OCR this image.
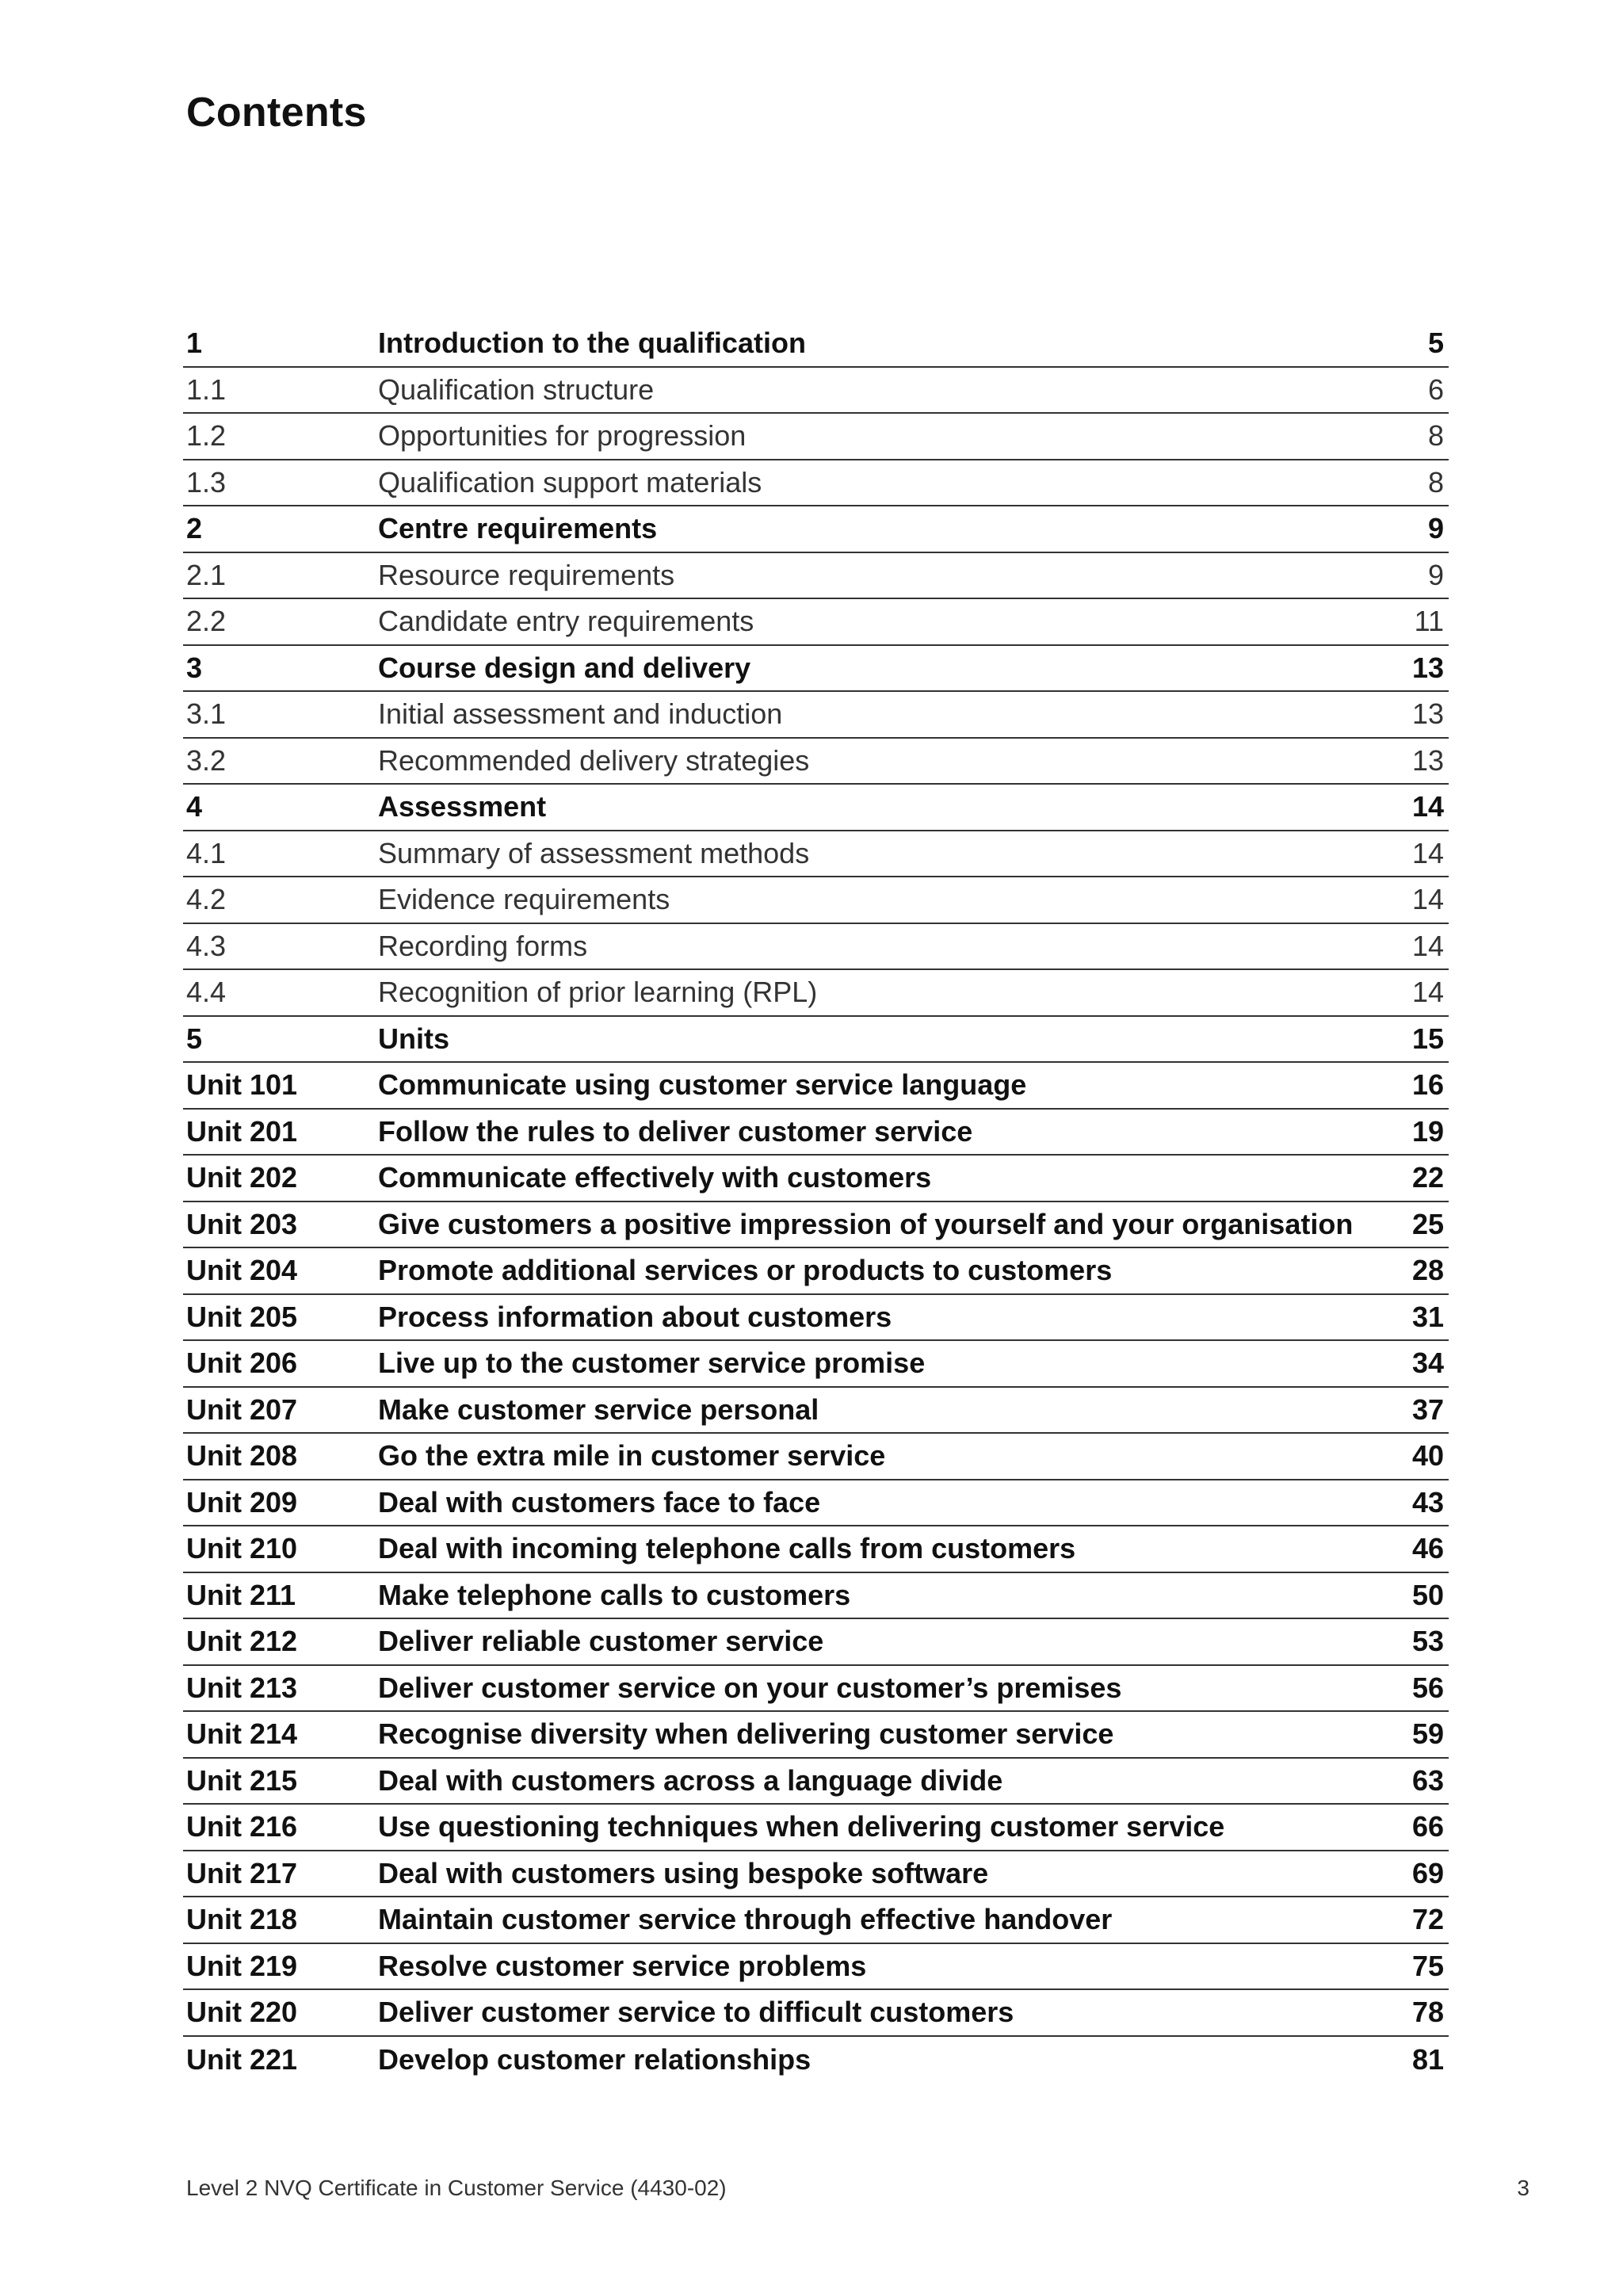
Contents
1	Introduction to the qualification	5
1.1	Qualification structure	6
1.2	Opportunities for progression	8
1.3	Qualification support materials	8
2	Centre requirements	9
2.1	Resource requirements	9
2.2	Candidate entry requirements	11
3	Course design and delivery	13
3.1	Initial assessment and induction	13
3.2	Recommended delivery strategies	13
4	Assessment	14
4.1	Summary of assessment methods	14
4.2	Evidence requirements	14
4.3	Recording forms	14
4.4	Recognition of prior learning (RPL)	14
5	Units	15
Unit 101	Communicate using customer service language	16
Unit 201	Follow the rules to deliver customer service	19
Unit 202	Communicate effectively with customers	22
Unit 203	Give customers a positive impression of yourself and your organisation	25
Unit 204	Promote additional services or products to customers	28
Unit 205	Process information about customers	31
Unit 206	Live up to the customer service promise	34
Unit 207	Make customer service personal	37
Unit 208	Go the extra mile in customer service	40
Unit 209	Deal with customers face to face	43
Unit 210	Deal with incoming telephone calls from customers	46
Unit 211	Make telephone calls to customers	50
Unit 212	Deliver reliable customer service	53
Unit 213	Deliver customer service on your customer’s premises	56
Unit 214	Recognise diversity when delivering customer service	59
Unit 215	Deal with customers across a language divide	63
Unit 216	Use questioning techniques when delivering customer service	66
Unit 217	Deal with customers using bespoke software	69
Unit 218	Maintain customer service through effective handover	72
Unit 219	Resolve customer service problems	75
Unit 220	Deliver customer service to difficult customers	78
Unit 221	Develop customer relationships	81
Level 2 NVQ Certificate in Customer Service (4430-02)	3
